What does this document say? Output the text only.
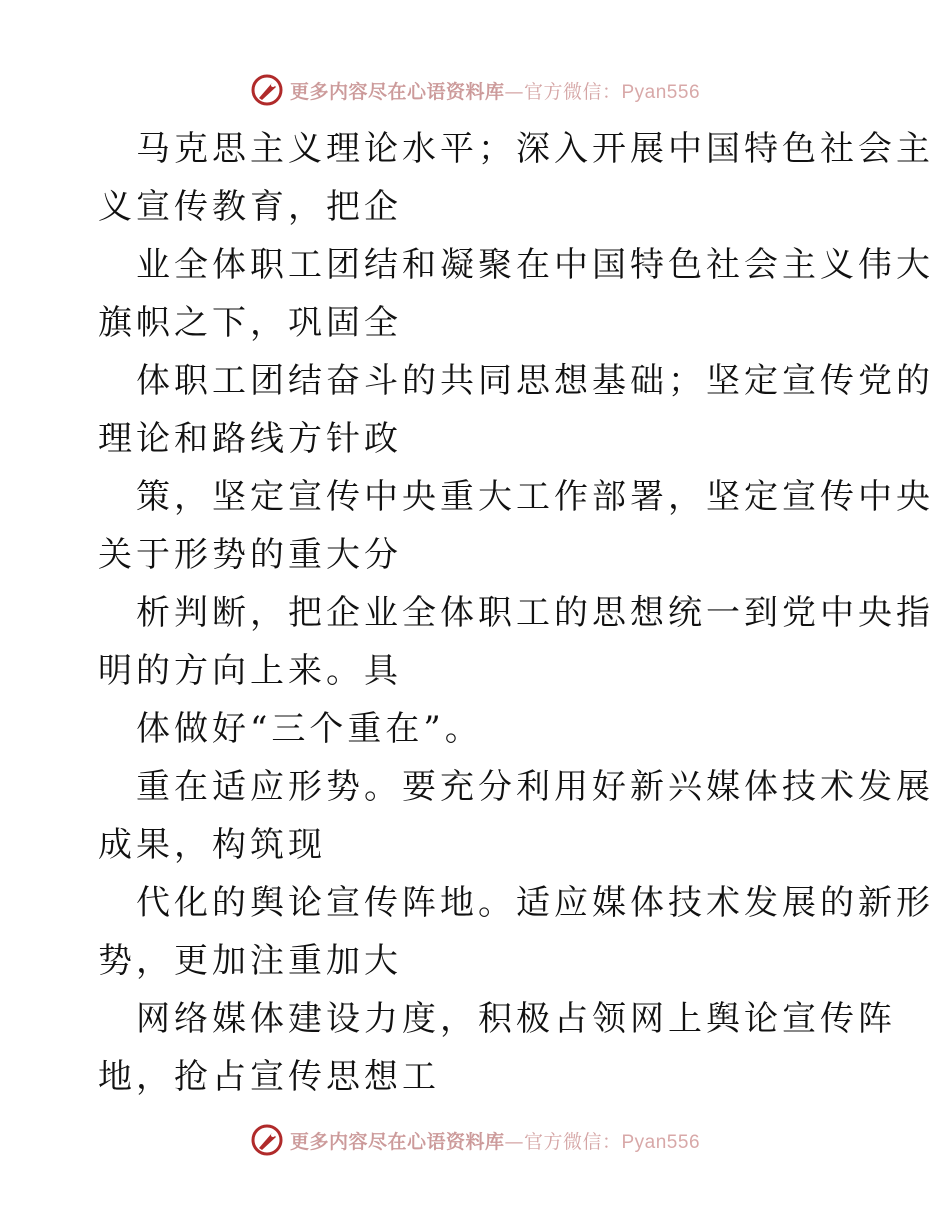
更多内容尽在心语资料库—官方微信：Pyan556
马克思主义理论水平；深入开展中国特色社会主
义宣传教育，把企
业全体职工团结和凝聚在中国特色社会主义伟大
旗帜之下，巩固全
体职工团结奋斗的共同思想基础；坚定宣传党的
理论和路线方针政
策，坚定宣传中央重大工作部署，坚定宣传中央
关于形势的重大分
析判断，把企业全体职工的思想统一到党中央指
明的方向上来。具
体做好“三个重在”。
重在适应形势。要充分利用好新兴媒体技术发展
成果，构筑现
代化的舆论宣传阵地。适应媒体技术发展的新形
势，更加注重加大
网络媒体建设力度，积极占领网上舆论宣传阵
地，抢占宣传思想工
更多内容尽在心语资料库—官方微信：Pyan556
